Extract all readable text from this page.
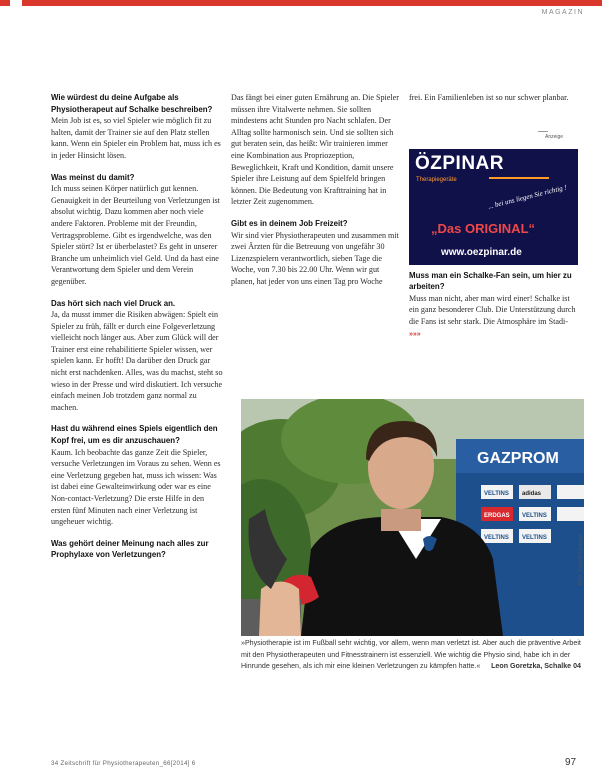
MAGAZIN

Wie würdest du deine Aufgabe als Physiotherapeut auf Schalke beschreiben?

Mein Job ist es, so viel Spieler wie möglich fit zu halten, damit der Trainer sie auf den Platz stellen kann. Wenn ein Spieler ein Problem hat, muss ich es in jeder Hinsicht lösen.

Was meinst du damit?

Ich muss seinen Körper natürlich gut kennen. Genauigkeit in der Beurteilung von Verletzungen ist absolut wichtig. Dazu kommen aber noch viele andere Faktoren. Probleme mit der Freundin, Vertragsprobleme. Gibt es irgendwelche, was den Spieler stört? Ist er überbelastet? Es geht in unserer Branche um unheimlich viel Geld. Und da hast eine Verantwortung dem Spieler und dem Verein gegenüber.

Das hört sich nach viel Druck an.

Ja, da musst immer die Risiken abwägen: Spielt ein Spieler zu früh, fällt er durch eine Folgeverletzung vielleicht noch länger aus. Aber zum Glück will der Trainer erst eine rehabilitierte Spieler wissen, wer spielen kann. Er hofft! Da darüber den Druck gar nicht erst nachdenken. Alles, was du machst, steht so wieso in der Presse und wird diskutiert. Ich versuche einfach meinen Job trotzdem ganz normal zu machen.

Hast du während eines Spiels eigentlich den Kopf frei, um es dir anzuschauen?

Kaum. Ich beobachte das ganze Zeit die Spieler, versuche Verletzungen im Voraus zu sehen. Wenn es eine Verletzung gegeben hat, muss ich wissen: Was ist dabei eine Gewalteinwirkung oder war es eine Non-contact-Verletzung? Die erste Hilfe in den ersten fünf Minuten nach einer Verletzung ist ungeheuer wichtig.

Was gehört deiner Meinung nach alles zur Prophylaxe von Verletzungen?

Das fängt bei einer guten Ernährung an. Die Spieler müssen ihre Vitalwerte nehmen. Sie sollten mindestens acht Stunden pro Nacht schlafen. Der Alltag sollte harmonisch sein. Und sie sollten sich gut beraten sein, das heißt: Wir trainieren immer eine Kombination aus Propriozeption, Beweglichkeit, Kraft und Kondition, damit unsere Spieler ihre Leistung auf dem Spielfeld bringen können. Die Bedeutung von Krafttraining hat in letzter Zeit zugenommen.

Gibt es in deinem Job Freizeit?

Wir sind vier Physiotherapeuten und zusammen mit zwei Ärzten für die Betreuung von ungefähr 30 Lizenzspielern verantwortlich, sieben Tage die Woche, von 7.30 bis 22.00 Uhr. Wenn wir gut planen, hat jeder von uns einen Tag pro Woche

frei. Ein Familienleben ist so nur schwer planbar.

Muss man ein Schalke-Fan sein, um hier zu arbeiten?

Muss man nicht, aber man wird einer! Schalke ist ein ganz besonderer Club. Die Unterstützung durch die Fans ist sehr stark. Die Atmosphäre im Stadi- »»»

Anzeige
ÖZPINAR
Therapiegeräte
... bei uns liegen Sie richtig !
„Das ORIGINAL“
www.oezpinar.de
GAZPROM
VELTINS adidas
ERDGAS VELTINS
VELTINS VELTINS	Foto: Josef Bouwmann
»Physiotherapie ist im Fußball sehr wichtig, vor allem, wenn man verletzt ist. Aber auch die präventive Arbeit mit den Physiotherapeuten und Fitnesstrainern ist essenziell. Wie wichtig die Physio sind, habe ich in der Hinrunde gesehen, als ich mir eine kleinen Verletzungen zu kämpfen hatte.«	Leon Goretzka, Schalke 04
34 Zeitschrift für Physiotherapeuten_66[2014] 6	97
